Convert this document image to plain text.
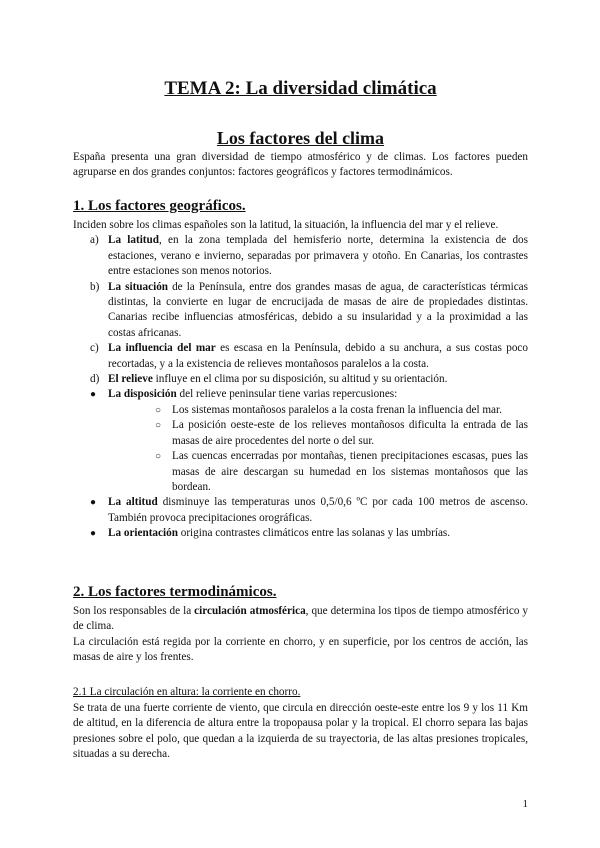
TEMA 2: La diversidad climática
Los factores del clima

España presenta una gran diversidad de tiempo atmosférico y de climas. Los factores pueden agruparse en dos grandes conjuntos: factores geográficos y factores termodinámicos.

1. Los factores geográficos.

Inciden sobre los climas españoles son la latitud, la situación, la influencia del mar y el relieve.

a) La latitud, en la zona templada del hemisferio norte, determina la existencia de dos estaciones, verano e invierno, separadas por primavera y otoño. En Canarias, los contrastes entre estaciones son menos notorios.
b) La situación de la Península, entre dos grandes masas de agua, de características térmicas distintas, la convierte en lugar de encrucijada de masas de aire de propiedades distintas. Canarias recibe influencias atmosféricas, debido a su insularidad y a la proximidad a las costas africanas.
c) La influencia del mar es escasa en la Península, debido a su anchura, a sus costas poco recortadas, y a la existencia de relieves montañosos paralelos a la costa.
d) El relieve influye en el clima por su disposición, su altitud y su orientación.
● La disposición del relieve peninsular tiene varias repercusiones:
○ Los sistemas montañosos paralelos a la costa frenan la influencia del mar.
○ La posición oeste-este de los relieves montañosos dificulta la entrada de las masas de aire procedentes del norte o del sur.
○ Las cuencas encerradas por montañas, tienen precipitaciones escasas, pues las masas de aire descargan su humedad en los sistemas montañosos que las bordean.
● La altitud disminuye las temperaturas unos 0,5/0,6 ºC por cada 100 metros de ascenso. También provoca precipitaciones orográficas.
● La orientación origina contrastes climáticos entre las solanas y las umbrías.
2. Los factores termodinámicos.

Son los responsables de la circulación atmosférica, que determina los tipos de tiempo atmosférico y de clima.

La circulación está regida por la corriente en chorro, y en superficie, por los centros de acción, las masas de aire y los frentes.

2.1 La circulación en altura: la corriente en chorro.

Se trata de una fuerte corriente de viento, que circula en dirección oeste-este entre los 9 y los 11 Km de altitud, en la diferencia de altura entre la tropopausa polar y la tropical. El chorro separa las bajas presiones sobre el polo, que quedan a la izquierda de su trayectoria, de las altas presiones tropicales, situadas a su derecha.

1
